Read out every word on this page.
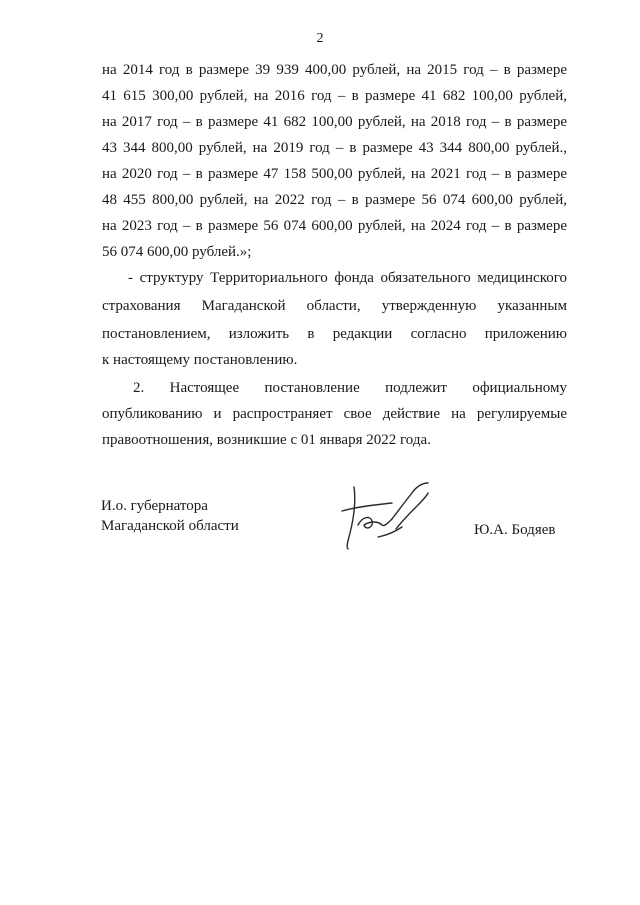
2
на 2014 год в размере 39 939 400,00 рублей, на 2015 год – в размере
41 615 300,00 рублей, на 2016 год – в размере 41 682 100,00 рублей,
на 2017 год – в размере 41 682 100,00 рублей, на 2018 год – в размере
43 344 800,00 рублей, на 2019 год – в размере 43 344 800,00 рублей.,
на 2020 год – в размере 47 158 500,00 рублей, на 2021 год – в размере
48 455 800,00 рублей, на 2022 год – в размере 56 074 600,00 рублей,
на 2023 год – в размере 56 074 600,00 рублей, на 2024 год – в размере
56 074 600,00 рублей.»;
- структуру Территориального фонда обязательного медицинского
страхования Магаданской области, утвержденную указанным
постановлением, изложить в редакции согласно приложению
к настоящему постановлению.
2. Настоящее постановление подлежит официальному
опубликованию и распространяет свое действие на регулируемые
правоотношения, возникшие с 01 января 2022 года.
И.о. губернатора
Магаданской области	Ю.А. Бодяев
